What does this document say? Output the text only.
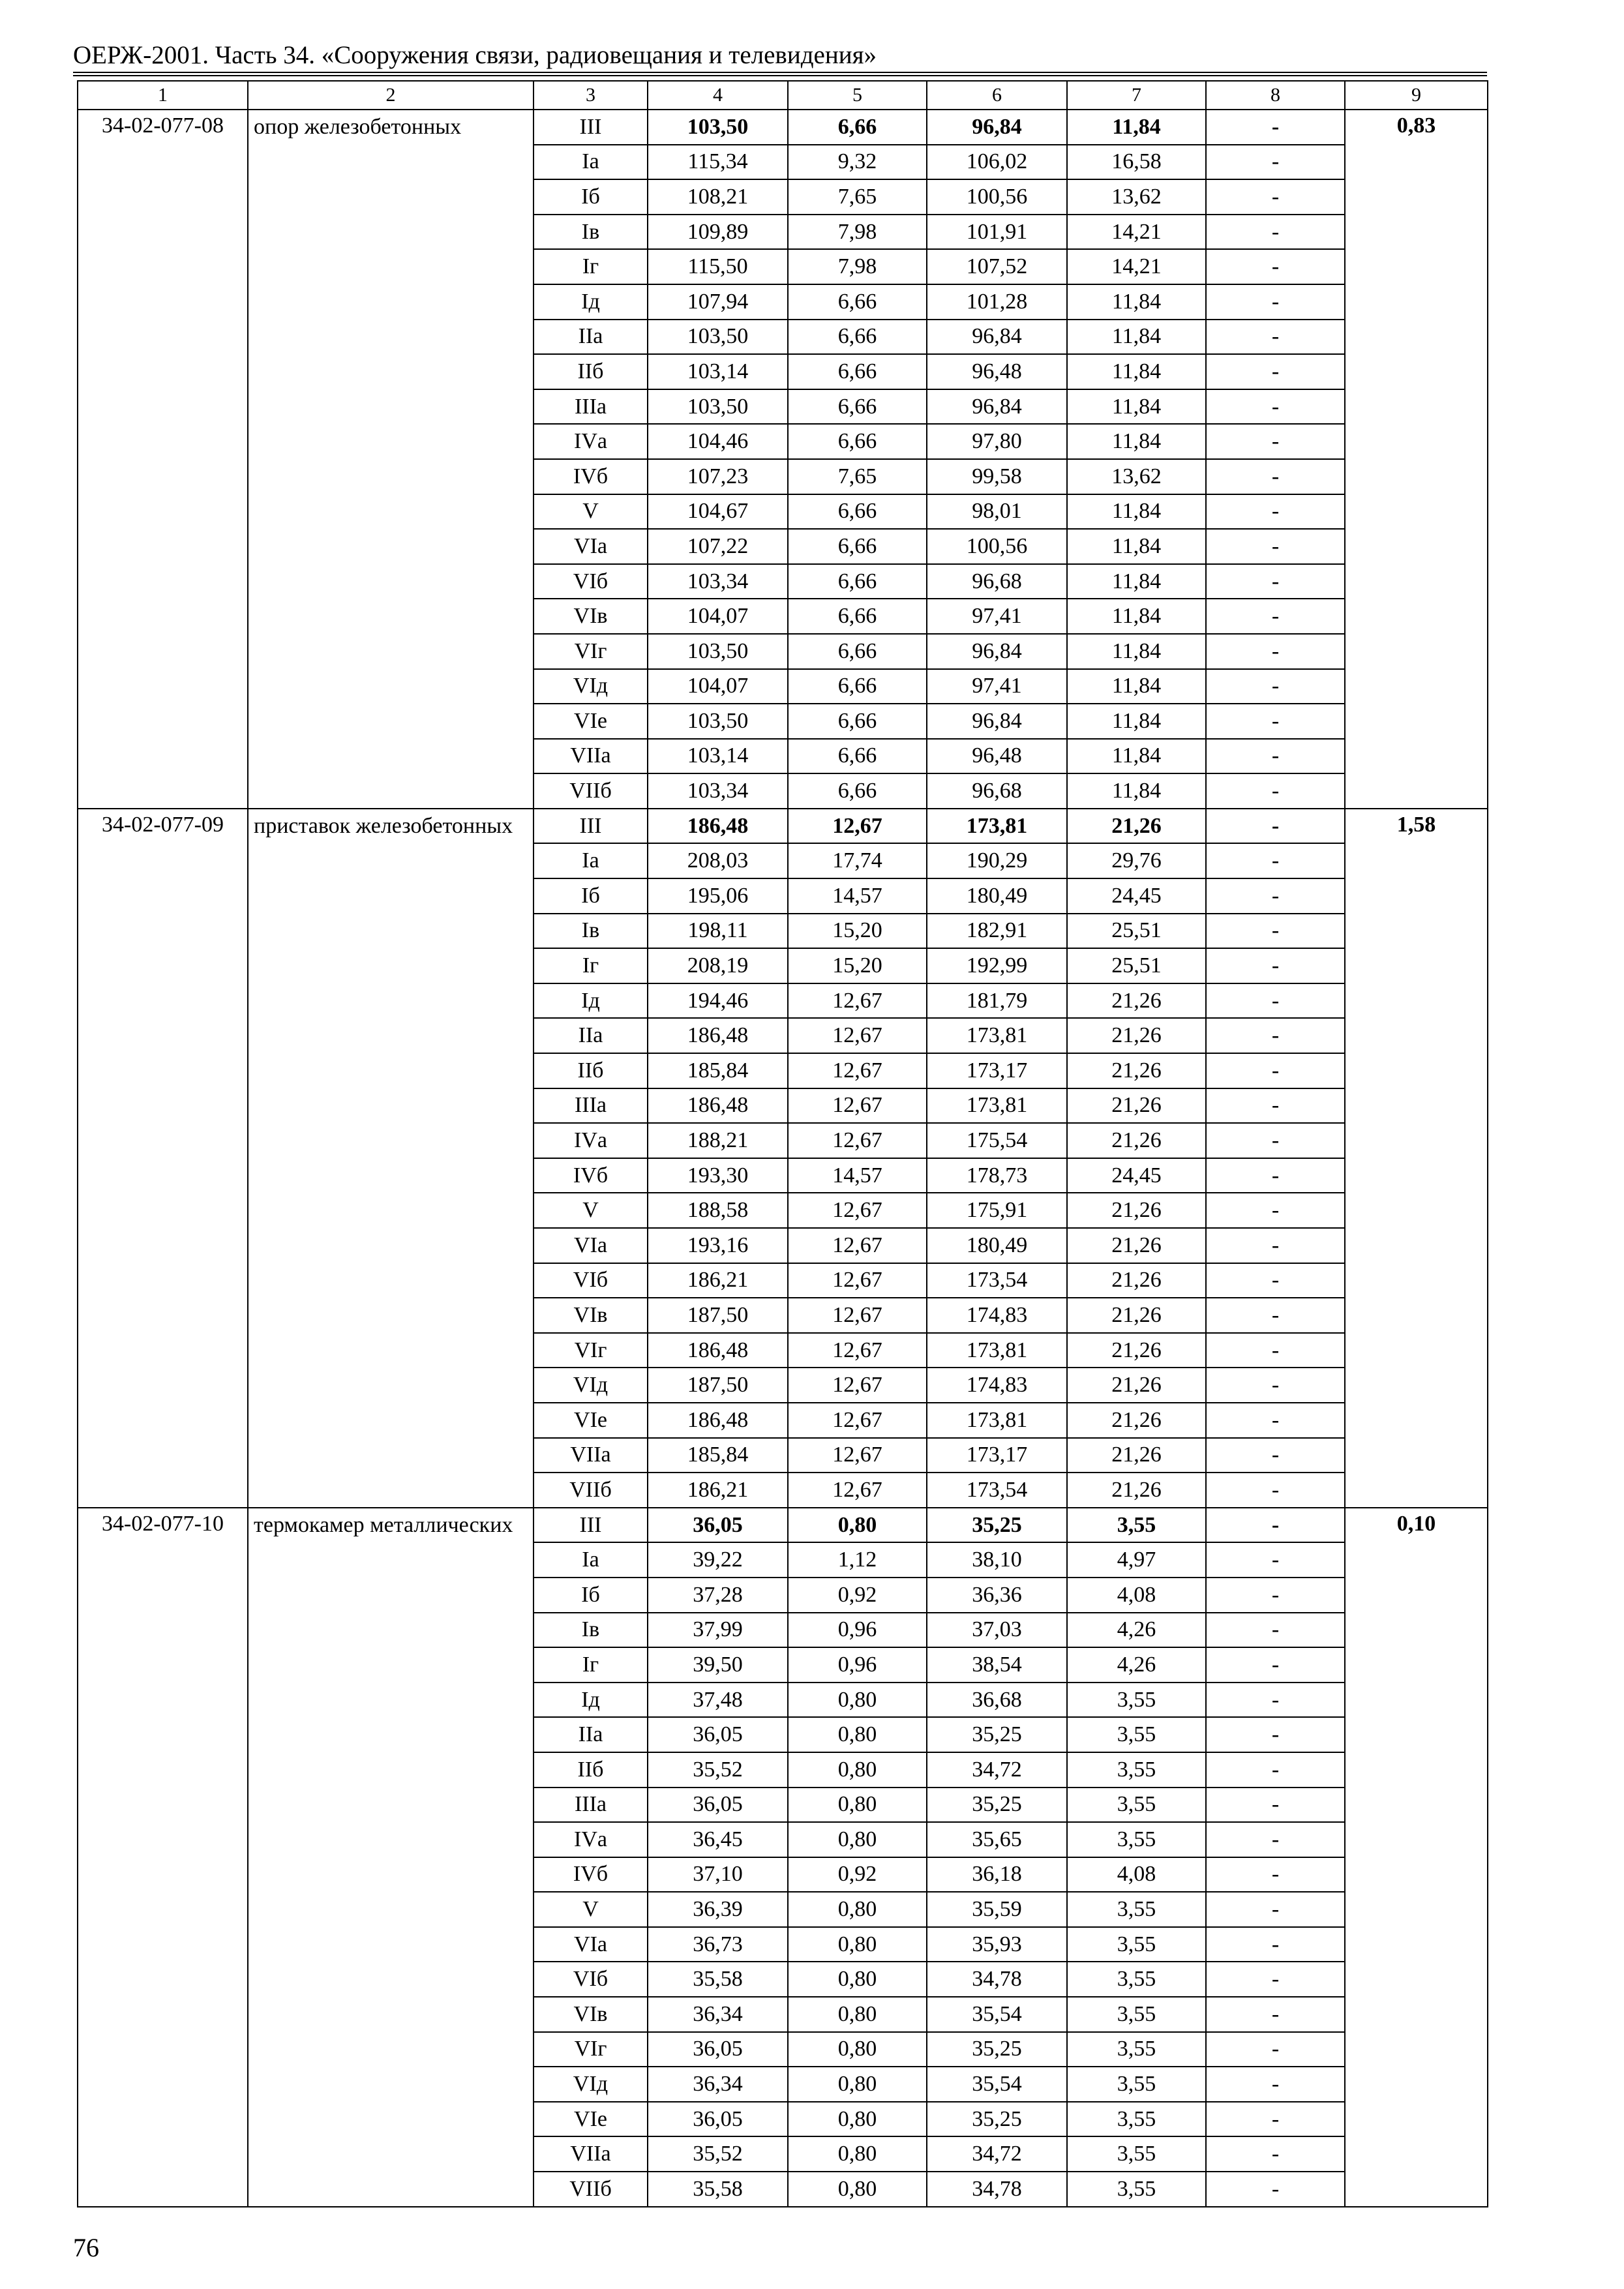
ОЕРЖ-2001. Часть 34. «Сооружения связи, радиовещания и телевидения»
1	2	3	4	5	6	7	8	9
34-02-077-08	опор железобетонных	III	103,50	6,66	96,84	11,84	-	0,83
		Iа	115,34	9,32	106,02	16,58	-	
		Iб	108,21	7,65	100,56	13,62	-	
		Iв	109,89	7,98	101,91	14,21	-	
		Iг	115,50	7,98	107,52	14,21	-	
		Iд	107,94	6,66	101,28	11,84	-	
		IIа	103,50	6,66	96,84	11,84	-	
		IIб	103,14	6,66	96,48	11,84	-	
		IIIа	103,50	6,66	96,84	11,84	-	
		IVа	104,46	6,66	97,80	11,84	-	
		IVб	107,23	7,65	99,58	13,62	-	
		V	104,67	6,66	98,01	11,84	-	
		VIа	107,22	6,66	100,56	11,84	-	
		VIб	103,34	6,66	96,68	11,84	-	
		VIв	104,07	6,66	97,41	11,84	-	
		VIг	103,50	6,66	96,84	11,84	-	
		VIд	104,07	6,66	97,41	11,84	-	
		VIе	103,50	6,66	96,84	11,84	-	
		VIIа	103,14	6,66	96,48	11,84	-	
		VIIб	103,34	6,66	96,68	11,84	-	
34-02-077-09	приставок железобетонных	III	186,48	12,67	173,81	21,26	-	1,58
		Iа	208,03	17,74	190,29	29,76	-	
		Iб	195,06	14,57	180,49	24,45	-	
		Iв	198,11	15,20	182,91	25,51	-	
		Iг	208,19	15,20	192,99	25,51	-	
		Iд	194,46	12,67	181,79	21,26	-	
		IIа	186,48	12,67	173,81	21,26	-	
		IIб	185,84	12,67	173,17	21,26	-	
		IIIа	186,48	12,67	173,81	21,26	-	
		IVа	188,21	12,67	175,54	21,26	-	
		IVб	193,30	14,57	178,73	24,45	-	
		V	188,58	12,67	175,91	21,26	-	
		VIа	193,16	12,67	180,49	21,26	-	
		VIб	186,21	12,67	173,54	21,26	-	
		VIв	187,50	12,67	174,83	21,26	-	
		VIг	186,48	12,67	173,81	21,26	-	
		VIд	187,50	12,67	174,83	21,26	-	
		VIе	186,48	12,67	173,81	21,26	-	
		VIIа	185,84	12,67	173,17	21,26	-	
		VIIб	186,21	12,67	173,54	21,26	-	
34-02-077-10	термокамер металлических	III	36,05	0,80	35,25	3,55	-	0,10
		Iа	39,22	1,12	38,10	4,97	-	
		Iб	37,28	0,92	36,36	4,08	-	
		Iв	37,99	0,96	37,03	4,26	-	
		Iг	39,50	0,96	38,54	4,26	-	
		Iд	37,48	0,80	36,68	3,55	-	
		IIа	36,05	0,80	35,25	3,55	-	
		IIб	35,52	0,80	34,72	3,55	-	
		IIIа	36,05	0,80	35,25	3,55	-	
		IVа	36,45	0,80	35,65	3,55	-	
		IVб	37,10	0,92	36,18	4,08	-	
		V	36,39	0,80	35,59	3,55	-	
		VIа	36,73	0,80	35,93	3,55	-	
		VIб	35,58	0,80	34,78	3,55	-	
		VIв	36,34	0,80	35,54	3,55	-	
		VIг	36,05	0,80	35,25	3,55	-	
		VIд	36,34	0,80	35,54	3,55	-	
		VIе	36,05	0,80	35,25	3,55	-	
		VIIа	35,52	0,80	34,72	3,55	-	
		VIIб	35,58	0,80	34,78	3,55	-	
76
